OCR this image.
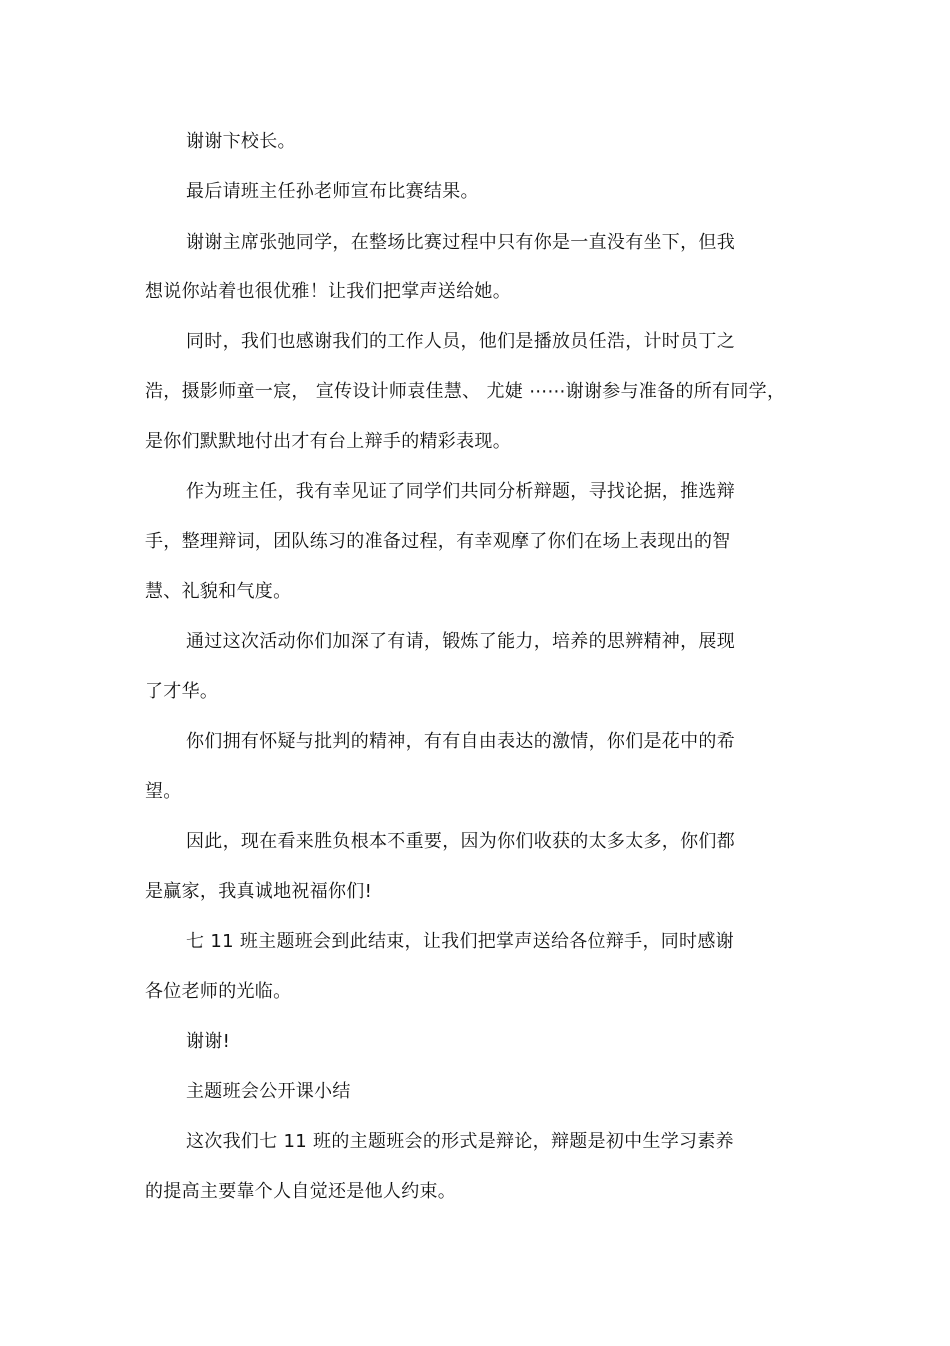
谢谢卞校长。
最后请班主任孙老师宣布比赛结果。
谢谢主席张弛同学，在整场比赛过程中只有你是一直没有坐下，但我
想说你站着也很优雅！让我们把掌声送给她。
同时，我们也感谢我们的工作人员，他们是播放员任浩，计时员丁之
浩，摄影师童一宸， 宣传设计师袁佳慧、 尤婕 ⋯⋯谢谢参与准备的所有同学，
是你们默默地付出才有台上辩手的精彩表现。
作为班主任，我有幸见证了同学们共同分析辩题，寻找论据，推选辩
手，整理辩词，团队练习的准备过程，有幸观摩了你们在场上表现出的智
慧、礼貌和气度。
通过这次活动你们加深了有请，锻炼了能力，培养的思辨精神，展现
了才华。
你们拥有怀疑与批判的精神，有有自由表达的激情，你们是花中的希
望。
因此，现在看来胜负根本不重要，因为你们收获的太多太多，你们都
是赢家，我真诚地祝福你们!
七 11 班主题班会到此结束，让我们把掌声送给各位辩手，同时感谢
各位老师的光临。
谢谢!
主题班会公开课小结
这次我们七 11 班的主题班会的形式是辩论，辩题是初中生学习素养
的提高主要靠个人自觉还是他人约束。
